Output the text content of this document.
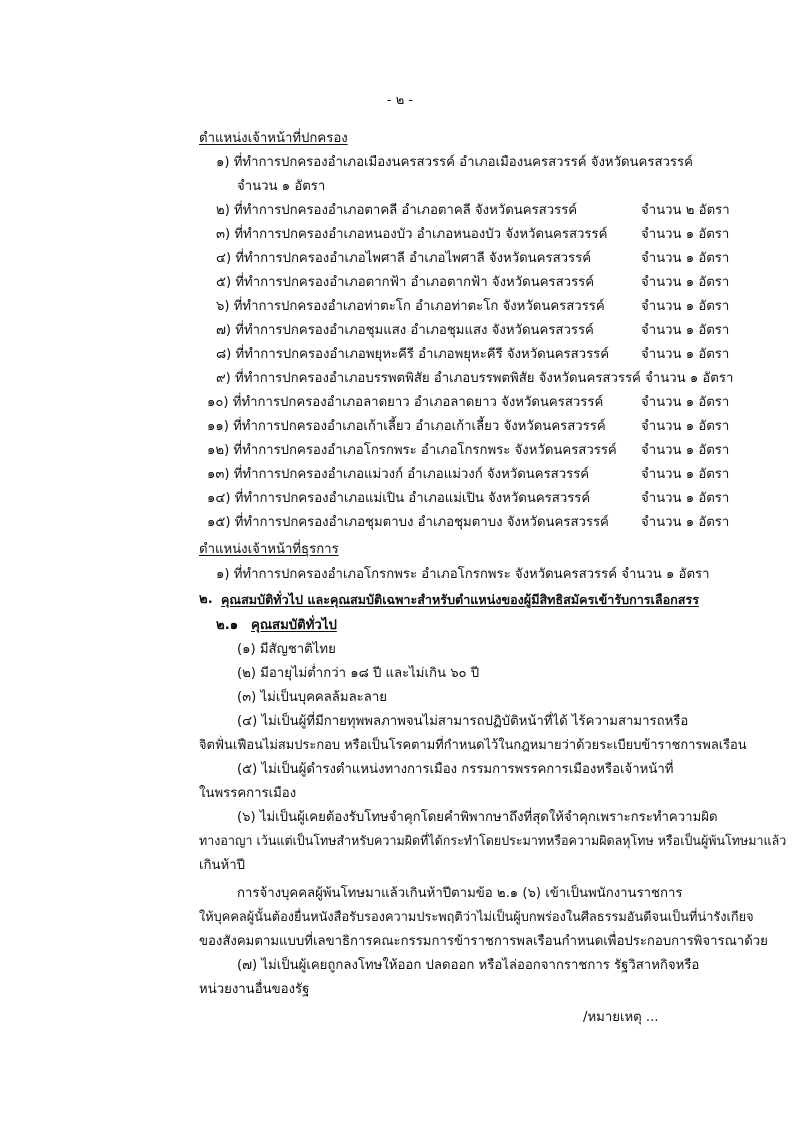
- ๒ -
ตำแหน่งเจ้าหน้าที่ปกครอง
๑) ที่ทำการปกครองอำเภอเมืองนครสวรรค์ อำเภอเมืองนครสวรรค์ จังหวัดนครสวรรค์
จำนวน ๑ อัตรา
๒) ที่ทำการปกครองอำเภอตาคลี อำเภอตาคลี จังหวัดนครสวรรค์	จำนวน ๒ อัตรา
๓) ที่ทำการปกครองอำเภอหนองบัว อำเภอหนองบัว จังหวัดนครสวรรค์	จำนวน ๑ อัตรา
๔) ที่ทำการปกครองอำเภอไพศาลี อำเภอไพศาลี จังหวัดนครสวรรค์	จำนวน ๑ อัตรา
๕) ที่ทำการปกครองอำเภอตากฟ้า อำเภอตากฟ้า จังหวัดนครสวรรค์	จำนวน ๑ อัตรา
๖) ที่ทำการปกครองอำเภอท่าตะโก อำเภอท่าตะโก จังหวัดนครสวรรค์	จำนวน ๑ อัตรา
๗) ที่ทำการปกครองอำเภอชุมแสง อำเภอชุมแสง จังหวัดนครสวรรค์	จำนวน ๑ อัตรา
๘) ที่ทำการปกครองอำเภอพยุหะคีรี อำเภอพยุหะคีรี จังหวัดนครสวรรค์ จำนวน ๑ อัตรา
๙) ที่ทำการปกครองอำเภอบรรพตพิสัย อำเภอบรรพตพิสัย จังหวัดนครสวรรค์ จำนวน ๑ อัตรา
๑๐) ที่ทำการปกครองอำเภอลาดยาว อำเภอลาดยาว จังหวัดนครสวรรค์	จำนวน ๑ อัตรา
๑๑) ที่ทำการปกครองอำเภอเก้าเลี้ยว อำเภอเก้าเลี้ยว จังหวัดนครสวรรค์	จำนวน ๑ อัตรา
๑๒) ที่ทำการปกครองอำเภอโกรกพระ อำเภอโกรกพระ จังหวัดนครสวรรค์ จำนวน ๑ อัตรา
๑๓) ที่ทำการปกครองอำเภอแม่วงก์ อำเภอแม่วงก์ จังหวัดนครสวรรค์	จำนวน ๑ อัตรา
๑๔) ที่ทำการปกครองอำเภอแม่เปิน อำเภอแม่เปิน จังหวัดนครสวรรค์	จำนวน ๑ อัตรา
๑๕) ที่ทำการปกครองอำเภอชุมตาบง อำเภอชุมตาบง จังหวัดนครสวรรค์ จำนวน ๑ อัตรา
ตำแหน่งเจ้าหน้าที่ธุรการ
๑) ที่ทำการปกครองอำเภอโกรกพระ อำเภอโกรกพระ จังหวัดนครสวรรค์ จำนวน ๑ อัตรา
๒. คุณสมบัติทั่วไป และคุณสมบัติเฉพาะสำหรับตำแหน่งของผู้มีสิทธิสมัครเข้ารับการเลือกสรร
๒.๑ คุณสมบัติทั่วไป
(๑) มีสัญชาติไทย
(๒) มีอายุไม่ต่ำกว่า ๑๘ ปี และไม่เกิน ๖๐ ปี
(๓) ไม่เป็นบุคคลล้มละลาย
(๔) ไม่เป็นผู้ที่มีกายทุพพลภาพจนไม่สามารถปฏิบัติหน้าที่ได้ ไร้ความสามารถหรือ
จิตฟั่นเฟือนไม่สมประกอบ หรือเป็นโรคตามที่กำหนดไว้ในกฎหมายว่าด้วยระเบียบข้าราชการพลเรือน
(๕) ไม่เป็นผู้ดำรงตำแหน่งทางการเมือง กรรมการพรรคการเมืองหรือเจ้าหน้าที่
ในพรรคการเมือง
(๖) ไม่เป็นผู้เคยต้องรับโทษจำคุกโดยคำพิพากษาถึงที่สุดให้จำคุกเพราะกระทำความผิด
ทางอาญา เว้นแต่เป็นโทษสำหรับความผิดที่ได้กระทำโดยประมาทหรือความผิดลหุโทษ หรือเป็นผู้พ้นโทษมาแล้ว
เกินห้าปี
การจ้างบุคคลผู้พ้นโทษมาแล้วเกินห้าปีตามข้อ ๒.๑ (๖) เข้าเป็นพนักงานราชการ
ให้บุคคลผู้นั้นต้องยื่นหนังสือรับรองความประพฤติว่าไม่เป็นผู้บกพร่องในศีลธรรมอันดีจนเป็นที่น่ารังเกียจ
ของสังคมตามแบบที่เลขาธิการคณะกรรมการข้าราชการพลเรือนกำหนดเพื่อประกอบการพิจารณาด้วย
(๗) ไม่เป็นผู้เคยถูกลงโทษให้ออก ปลดออก หรือไล่ออกจากราชการ รัฐวิสาหกิจหรือ
หน่วยงานอื่นของรัฐ
/หมายเหตุ ...
